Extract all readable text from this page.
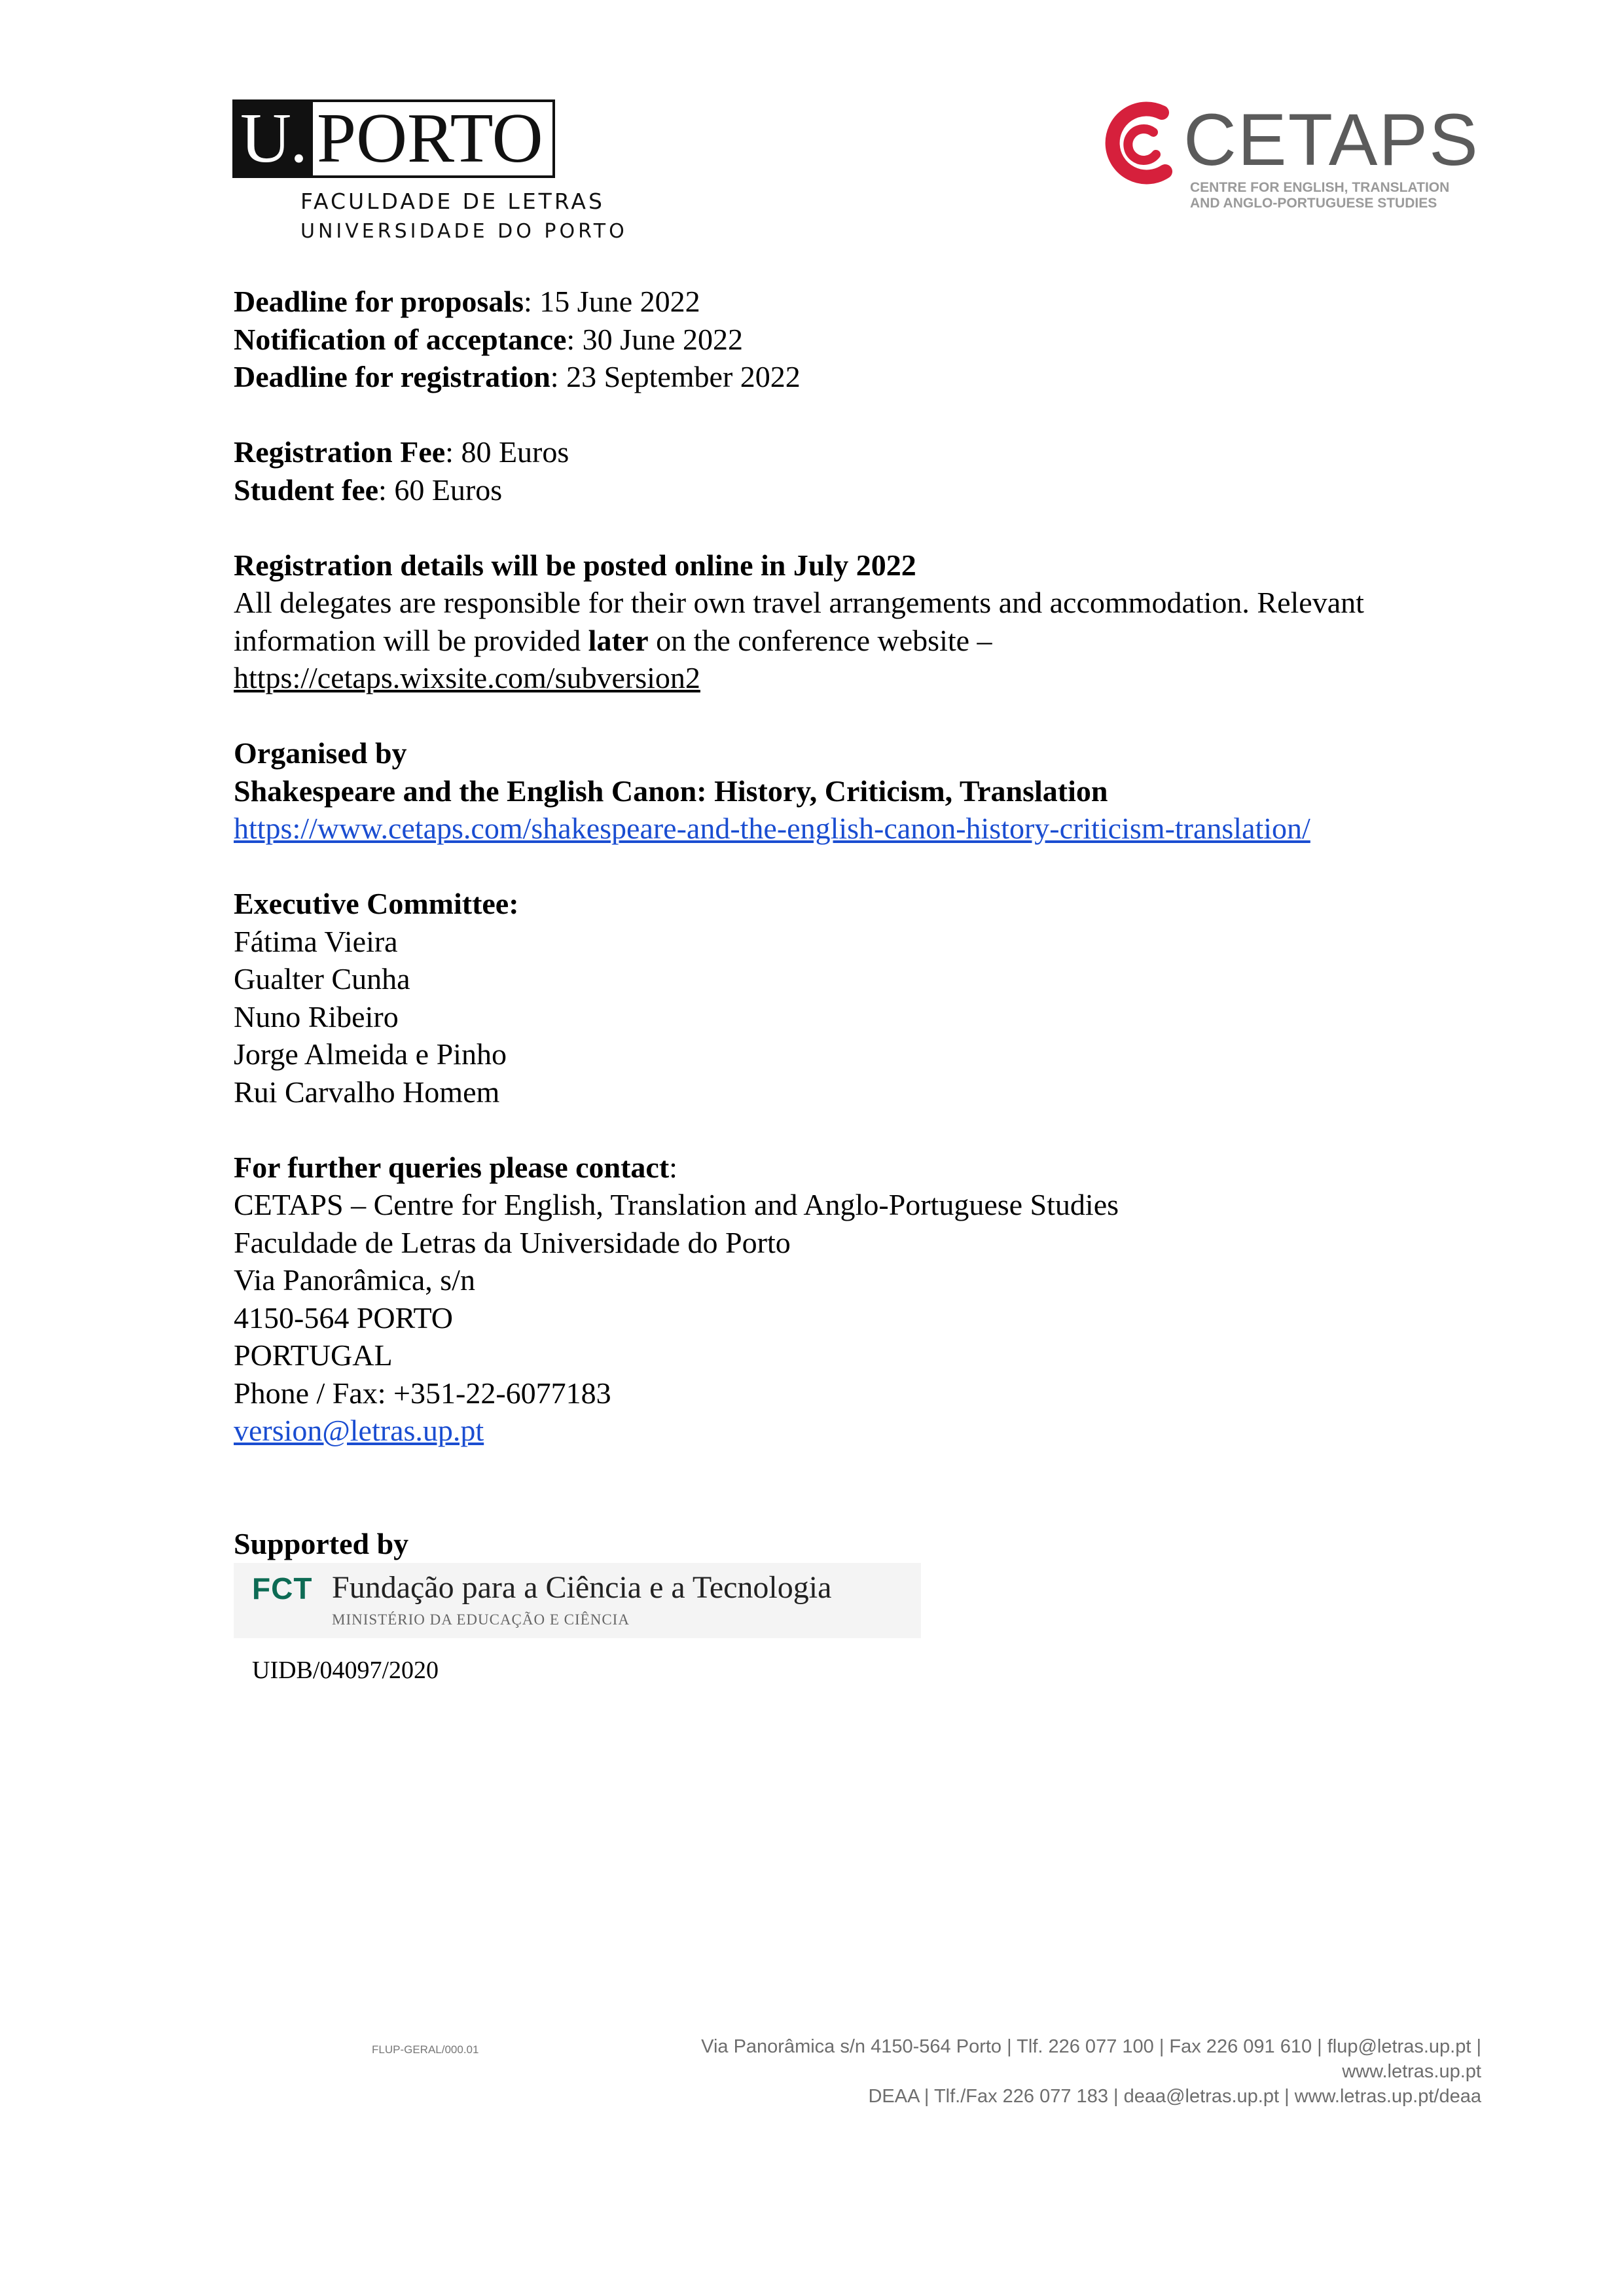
U. PORTO
FACULDADE DE LETRAS
UNIVERSIDADE DO PORTO
CETAPS
CENTRE FOR ENGLISH, TRANSLATION
AND ANGLO-PORTUGUESE STUDIES
Deadline for proposals: 15 June 2022
Notification of acceptance: 30 June 2022
Deadline for registration: 23 September 2022
Registration Fee: 80 Euros
Student fee: 60 Euros
Registration details will be posted online in July 2022
All delegates are responsible for their own travel arrangements and accommodation. Relevant
information will be provided later on the conference website –
https://cetaps.wixsite.com/subversion2
Organised by
Shakespeare and the English Canon: History, Criticism, Translation
https://www.cetaps.com/shakespeare-and-the-english-canon-history-criticism-translation/
Executive Committee:
Fátima Vieira
Gualter Cunha
Nuno Ribeiro
Jorge Almeida e Pinho
Rui Carvalho Homem
For further queries please contact:
CETAPS – Centre for English, Translation and Anglo-Portuguese Studies
Faculdade de Letras da Universidade do Porto
Via Panorâmica, s/n
4150-564 PORTO
PORTUGAL
Phone / Fax: +351-22-6077183
version@letras.up.pt
Supported by
FCT Fundação para a Ciência e a Tecnologia
MINISTÉRIO DA EDUCAÇÃO E CIÊNCIA
UIDB/04097/2020
FLUP-GERAL/000.01	Via Panorâmica s/n 4150-564 Porto | Tlf. 226 077 100 | Fax 226 091 610 | flup@letras.up.pt |
www.letras.up.pt
DEAA | Tlf./Fax 226 077 183 | deaa@letras.up.pt | www.letras.up.pt/deaa
